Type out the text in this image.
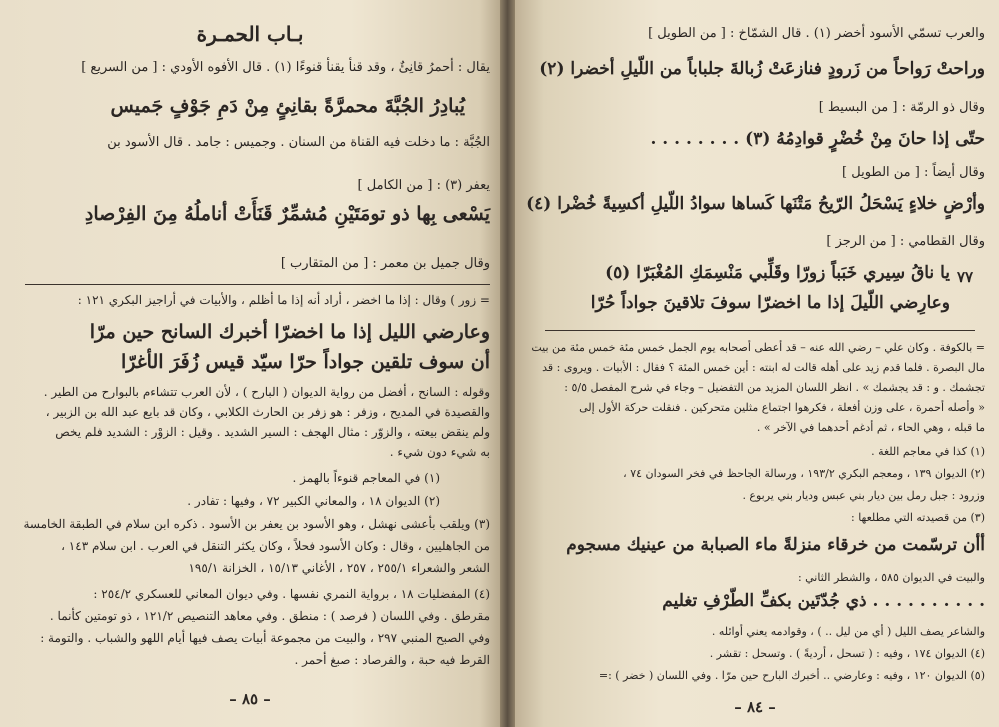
بـاب الحمـرة
يقال : أحمرُ قانِئٌ ، وقد قنأ يقنأ قنوءًا (١) . قال الأفوه الأودي : [ من السريع ]
يُبادِرُ الجُبَّةَ محمرَّةً بقانِئٍ مِنْ دَمِ جَوْفٍ جَميس
الجُبَّة : ما دخلت فيه القناة من السنان . وجميس : جامد . قال الأسود بن
يعفر (٣) : [ من الكامل ]
يَسْعى بِها ذو تومَتَيْنِ مُشمِّرٌ قَنَأَتْ أناملُهُ مِنَ الفِرْصادِ
وقال جميل بن معمر : [ من المتقارب ]
= زور ) وقال : إذا ما اخضر ، أراد أنه إذا ما أظلم ، والأبيات في أراجيز البكري ١٢١ :
وعارضي الليل إذا ما اخضرّا أخبرك السانح حين مرّا
أن سوف تلقين جواداً حرّا سيّد قيس زُفَرَ الأغرّا
وقوله : السانح ، أفضل من رواية الديوان ( البارح ) ، لأن العرب تتشاءم بالبوارح من الطير .
والقصيدة في المديح ، وزفر : هو زفر بن الحارث الكلابي ، وكان قد بايع عبد الله بن الزبير ،
ولم ينقض بيعته ، والزوّر : مثال الهجف : السير الشديد . وقيل : الزوْر : الشديد فلم يخص
به شيء دون شيء .
(١) في المعاجم قنوءاً بالهمز .
(٢) الديوان ١٨ ، والمعاني الكبير ٧٢ ، وفيها : تفادر .
(٣) ويلقب بأعشى نهشل ، وهو الأسود بن يعفر بن الأسود . ذكره ابن سلام في الطبقة الخامسة
من الجاهليين ، وقال : وكان الأسود فحلاً ، وكان يكثر التنقل في العرب . ابن سلام ١٤٣ ،
الشعر والشعراء ٢٥٥/١ ، ٢٥٧ ، الأغاني ١٥/١٣ ، الخزانة ١٩٥/١
(٤) المفضليات ١٨ ، برواية النمري نفسها . وفي ديوان المعاني للعسكري ٢٥٤/٢ :
مقرطق . وفي اللسان ( فرصد ) : منطق . وفي معاهد التنصيص ١٢١/٢ ، ذو تومتين كأنما .
وفي الصبح المنبي ٢٩٧ ، والبيت من مجموعة أبيات يصف فيها أيام اللهو والشباب . والتومة :
القرط فيه حبة ، والفرصاد : صبغ أحمر .
– ٨٥ –
والعرب تسمّي الأسود أخضر (١) . قال الشمّاخ : [ من الطويل ]
وراحتْ رَواحاً من زَرودٍ فنازعَتْ زُبالةَ جلباباً من اللّيلِ أخضرا (٢)
وقال ذو الرمّة : [ من البسيط ]
حتّى إذا حانَ مِنْ خُضْرٍ قوادِمُهُ (٣) . . . . . . . .
وقال أيضاً : [ من الطويل ]
وأرْضٍ خلاءٍ يَسْحَلُ الرّيحُ مَتْنَها كَساها سوادُ اللّيلِ أكسِيةً خُضْرا (٤)
وقال القطامي : [ من الرجز ]
٧٧
يا ناقُ سِيري خَبَباً زورّا وقَلِّبي مَنْسِمَكِ المُغْبَرّا (٥)
وعارِضي اللّيلَ إذا ما اخضرّا سوفَ تلاقينَ جواداً حُرّا
= بالكوفة . وكان علي – رضي الله عنه – قد أعطى أصحابه يوم الجمل خمس مئة خمس مئة من بيت
مال البصرة . فلما قدم زيد على أهله قالت له ابنته : أين خمس المئة ؟ فقال : الأبيات . ويروى : قد
تجشمك . و : قد يجشمك » . انظر اللسان المزيد من التفضيل – وجاء في شرح المفصل ٥/٥ :
« وأصله أحمرة ، على وزن أفعلة ، فكرهوا اجتماع مثلين متحركين . فنقلت حركة الأول إلى
ما قبله ، وهي الحاء ، ثم أدغم أحدهما في الآخر » .
(١) كذا في معاجم اللغة .
(٢) الديوان ١٣٩ ، ومعجم البكري ١٩٣/٢ ، ورسالة الجاحظ في فخر السودان ٧٤ ،
وزرود : جبل رمل بين ديار بني عبس وديار بني يربوع .
(٣) من قصيدته التي مطلعها :
أأن ترسّمت من خرقاء منزلةً ماء الصبابة من عينيك مسجوم
والبيت في الديوان ٥٨٥ ، والشطر الثاني :
. . . . . . . . . . ذي جُدّتَين بكفِّ الطّرْفِ تغليم
والشاعر يصف الليل ( أي من ليل .. ) ، وقوادمه يعني أوائله .
(٤) الديوان ١٧٤ ، وفيه : ( تسحل ، أرديةً ) . وتسحل : تقشر .
(٥) الديوان ١٢٠ ، وفيه : وعارضي .. أخبرك البارح حين مرّا . وفي اللسان ( خضر ) :=
– ٨٤ –
